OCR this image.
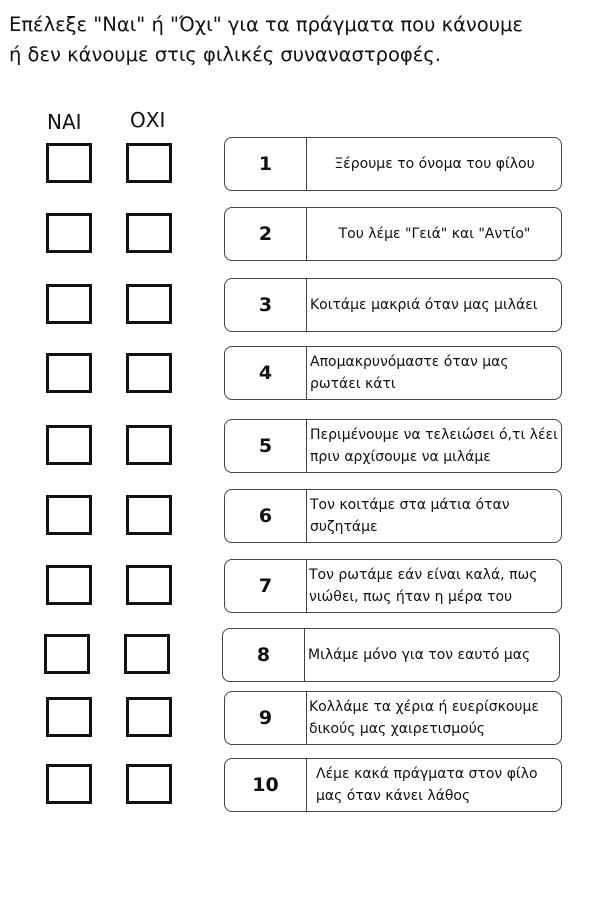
Επέλεξε "Ναι" ή "Όχι" για τα πράγματα που κάνουμε
ή δεν κάνουμε στις φιλικές συναναστροφές.
ΝΑΙ ΟΧΙ
1	Ξέρουμε το όνομα του φίλου
2	Του λέμε "Γειά" και "Αντίο"
3	Κοιτάμε μακριά όταν μας μιλάει
4	Απομακρυνόμαστε όταν μας ρωτάει κάτι
5	Περιμένουμε να τελειώσει ό,τι λέει πριν αρχίσουμε να μιλάμε
6	Τον κοιτάμε στα μάτια όταν συζητάμε
7	Τον ρωτάμε εάν είναι καλά, πως νιώθει, πως ήταν η μέρα του
8	Μιλάμε μόνο για τον εαυτό μας
9	Κολλάμε τα χέρια ή ευερίσκουμε δικούς μας χαιρετισμούς
10	Λέμε κακά πράγματα στον φίλο μας όταν κάνει λάθος
